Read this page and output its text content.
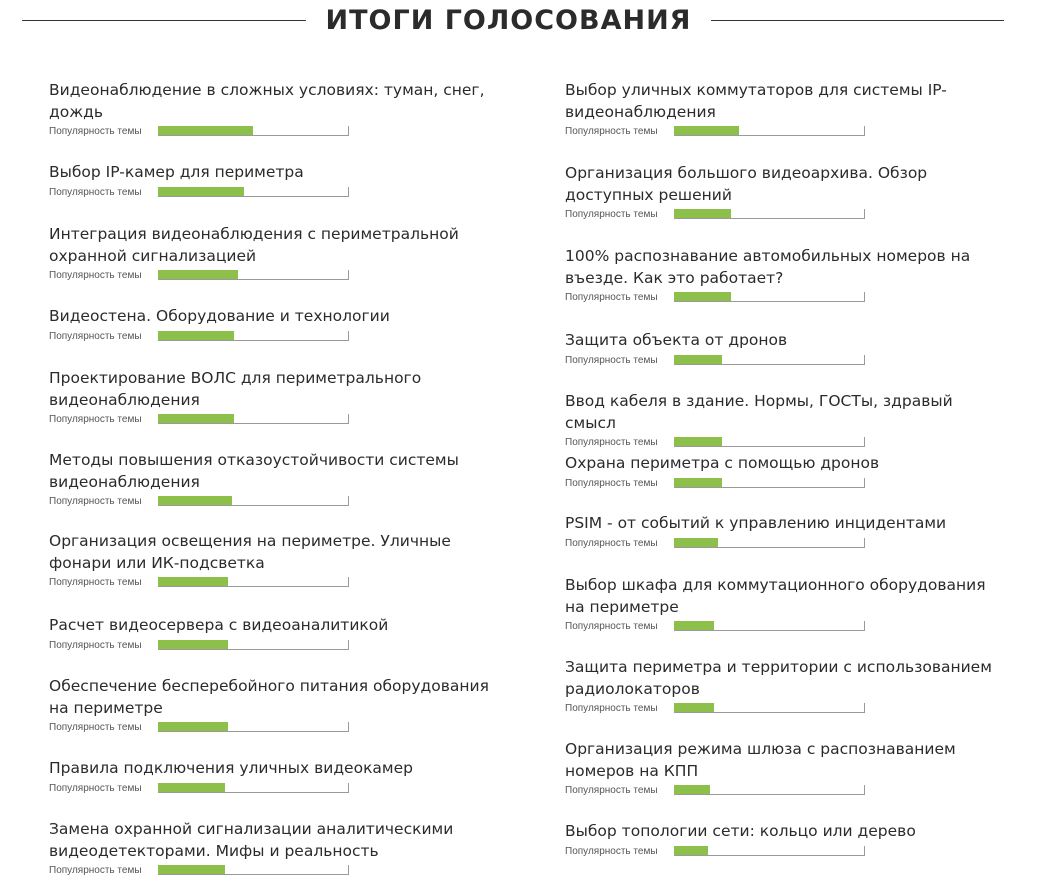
ИТОГИ ГОЛОСОВАНИЯ
Видеонаблюдение в сложных условиях: туман, снег, дождь
Популярность темы
Выбор IP-камер для периметра
Популярность темы
Интеграция видеонаблюдения с периметральной охранной сигнализацией
Популярность темы
Видеостена. Оборудование и технологии
Популярность темы
Проектирование ВОЛС для периметрального видеонаблюдения
Популярность темы
Методы повышения отказоустойчивости системы видеонаблюдения
Популярность темы
Организация освещения на периметре. Уличные фонари или ИК-подсветка
Популярность темы
Расчет видеосервера с видеоаналитикой
Популярность темы
Обеспечение бесперебойного питания оборудования на периметре
Популярность темы
Правила подключения уличных видеокамер
Популярность темы
Замена охранной сигнализации аналитическими видеодетекторами. Мифы и реальность
Популярность темы
Выбор уличных коммутаторов для системы IP-видеонаблюдения
Популярность темы
Организация большого видеоархива. Обзор доступных решений
Популярность темы
100% распознавание автомобильных номеров на въезде. Как это работает?
Популярность темы
Защита объекта от дронов
Популярность темы
Ввод кабеля в здание. Нормы, ГОСТы, здравый смысл
Популярность темы
Охрана периметра с помощью дронов
Популярность темы
PSIM - от событий к управлению инцидентами
Популярность темы
Выбор шкафа для коммутационного оборудования на периметре
Популярность темы
Защита периметра и территории с использованием радиолокаторов
Популярность темы
Организация режима шлюза с распознаванием номеров на КПП
Популярность темы
Выбор топологии сети: кольцо или дерево
Популярность темы
